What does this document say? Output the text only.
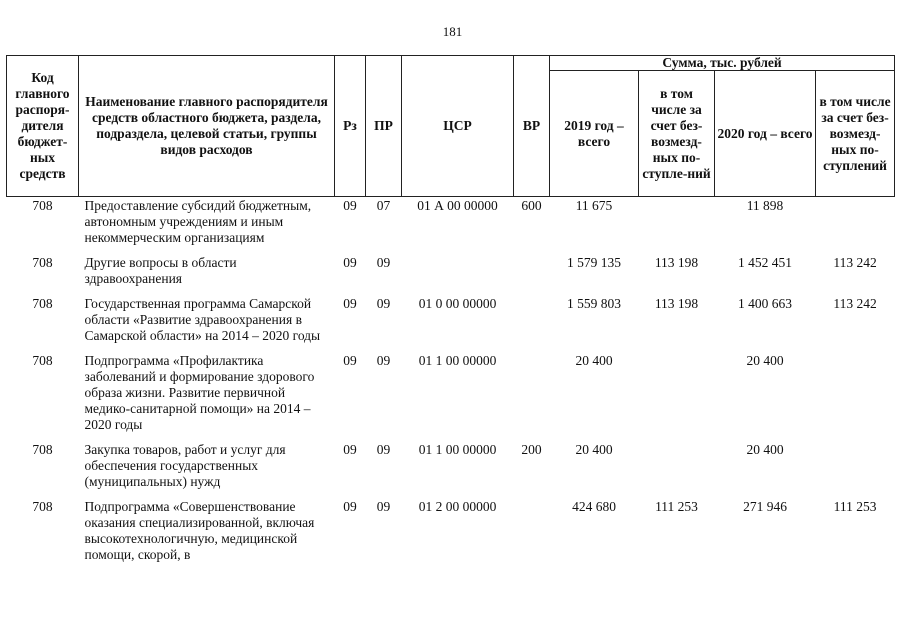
181
Код главного распоря-дителя бюджет-ных средств	Наименование главного распорядителя средств областного бюджета, раздела, подраздела, целевой статьи, группы видов расходов	Рз	ПР	ЦСР	ВР	Сумма, тыс. рублей			
						2019 год – всего	в том числе за счет без-возмезд-ных по-ступле-ний	2020 год – всего	в том числе за счет без-возмезд-ных по-ступлений
708	Предоставление субсидий бюджетным, автономным учреждениям и иным некоммерческим организациям	09	07	01 А 00 00000	600	11 675		11 898	
708	Другие вопросы в области здравоохранения	09	09			1 579 135	113 198	1 452 451	113 242
708	Государственная программа Самарской области «Развитие здравоохранения в Самарской области» на 2014 – 2020 годы	09	09	01 0 00 00000		1 559 803	113 198	1 400 663	113 242
708	Подпрограмма «Профилактика заболеваний и формирование здорового образа жизни. Развитие первичной медико-санитарной помощи» на 2014 – 2020 годы	09	09	01 1 00 00000		20 400		20 400	
708	Закупка товаров, работ и услуг для обеспечения государственных (муниципальных) нужд	09	09	01 1 00 00000	200	20 400		20 400	
708	Подпрограмма «Совершенствование оказания специализированной, включая высокотехнологичную, медицинской помощи, скорой, в	09	09	01 2 00 00000		424 680	111 253	271 946	111 253
